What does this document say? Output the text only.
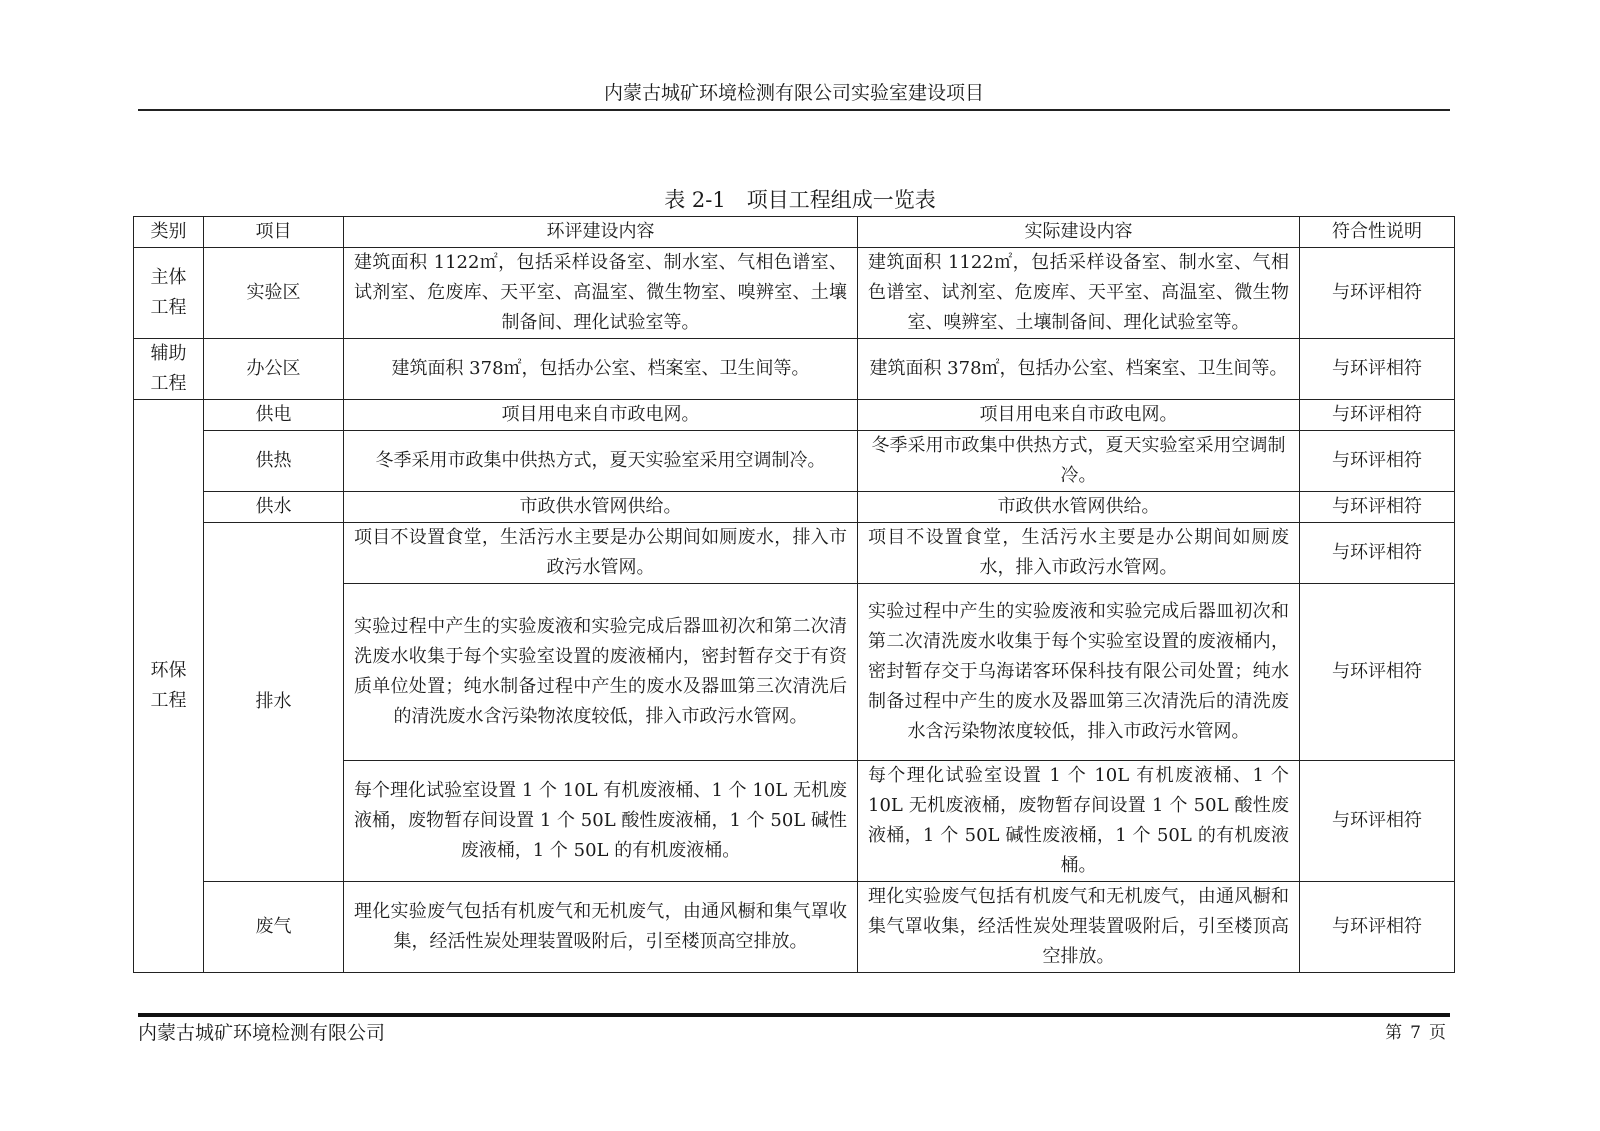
内蒙古城矿环境检测有限公司实验室建设项目
表 2-1　项目工程组成一览表
类别	项目	环评建设内容	实际建设内容	符合性说明
主体工程	实验区	建筑面积 1122㎡，包括采样设备室、制水室、气相色谱室、试剂室、危废库、天平室、高温室、微生物室、嗅辨室、土壤制备间、理化试验室等。	建筑面积 1122㎡，包括采样设备室、制水室、气相色谱室、试剂室、危废库、天平室、高温室、微生物室、嗅辨室、土壤制备间、理化试验室等。	与环评相符
辅助工程	办公区	建筑面积 378㎡，包括办公室、档案室、卫生间等。	建筑面积 378㎡，包括办公室、档案室、卫生间等。	与环评相符
环保工程	供电	项目用电来自市政电网。	项目用电来自市政电网。	与环评相符
	供热	冬季采用市政集中供热方式，夏天实验室采用空调制冷。	冬季采用市政集中供热方式，夏天实验室采用空调制冷。	与环评相符
	供水	市政供水管网供给。	市政供水管网供给。	与环评相符
	排水	项目不设置食堂，生活污水主要是办公期间如厕废水，排入市政污水管网。	项目不设置食堂，生活污水主要是办公期间如厕废水，排入市政污水管网。	与环评相符
		实验过程中产生的实验废液和实验完成后器皿初次和第二次清洗废水收集于每个实验室设置的废液桶内，密封暂存交于有资质单位处置；纯水制备过程中产生的废水及器皿第三次清洗后的清洗废水含污染物浓度较低，排入市政污水管网。	实验过程中产生的实验废液和实验完成后器皿初次和第二次清洗废水收集于每个实验室设置的废液桶内，密封暂存交于乌海诺客环保科技有限公司处置；纯水制备过程中产生的废水及器皿第三次清洗后的清洗废水含污染物浓度较低，排入市政污水管网。	与环评相符
		每个理化试验室设置 1 个 10L 有机废液桶、1 个 10L 无机废液桶，废物暂存间设置 1 个 50L 酸性废液桶，1 个 50L 碱性废液桶，1 个 50L 的有机废液桶。	每个理化试验室设置 1 个 10L 有机废液桶、1 个 10L 无机废液桶，废物暂存间设置 1 个 50L 酸性废液桶，1 个 50L 碱性废液桶，1 个 50L 的有机废液桶。	与环评相符
	废气	理化实验废气包括有机废气和无机废气，由通风橱和集气罩收集，经活性炭处理装置吸附后，引至楼顶高空排放。	理化实验废气包括有机废气和无机废气，由通风橱和集气罩收集，经活性炭处理装置吸附后，引至楼顶高空排放。	与环评相符
内蒙古城矿环境检测有限公司	第 7 页
